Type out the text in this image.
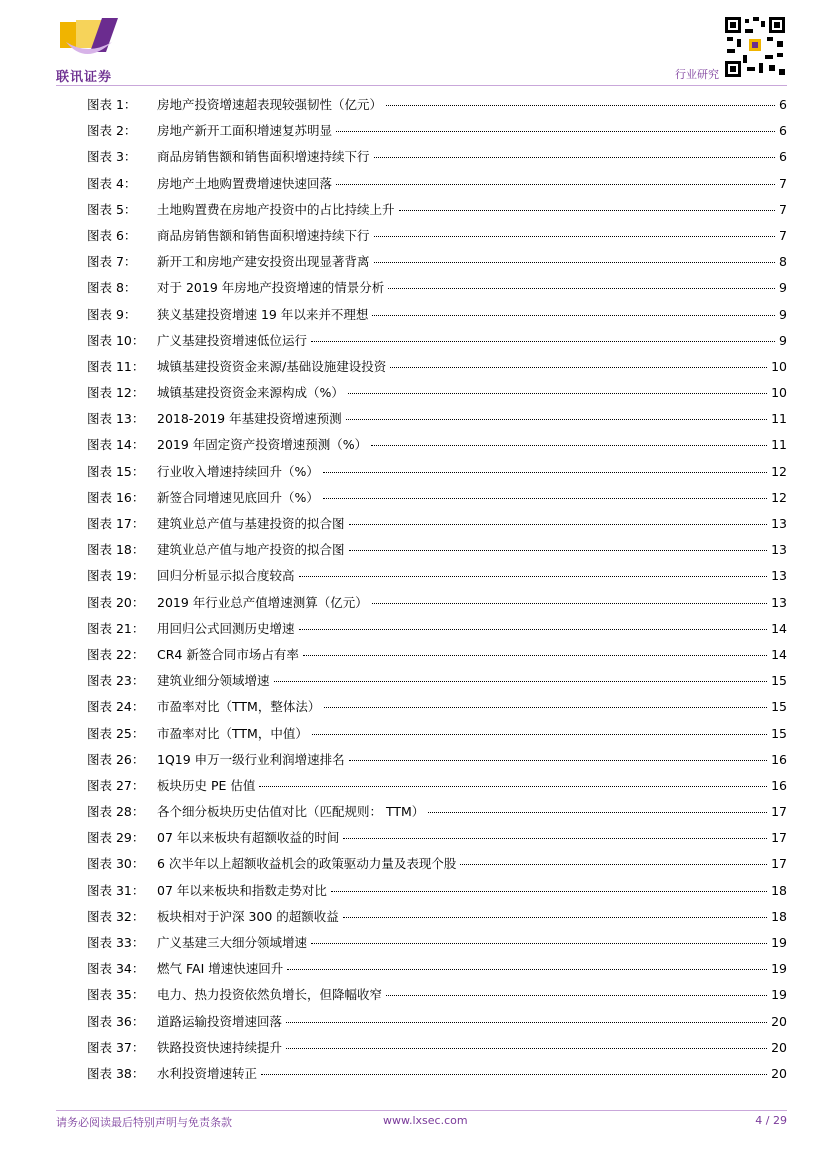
联讯证券	行业研究
图表 1：	房地产投资增速超表现较强韧性（亿元）	6
图表 2：	房地产新开工面积增速复苏明显	6
图表 3：	商品房销售额和销售面积增速持续下行	6
图表 4：	房地产土地购置费增速快速回落	7
图表 5：	土地购置费在房地产投资中的占比持续上升	7
图表 6：	商品房销售额和销售面积增速持续下行	7
图表 7：	新开工和房地产建安投资出现显著背离	8
图表 8：	对于 2019 年房地产投资增速的情景分析	9
图表 9：	狭义基建投资增速 19 年以来并不理想	9
图表 10：	广义基建投资增速低位运行	9
图表 11：	城镇基建投资资金来源/基础设施建设投资	10
图表 12：	城镇基建投资资金来源构成（%）	10
图表 13：	2018-2019 年基建投资增速预测	11
图表 14：	2019 年固定资产投资增速预测（%）	11
图表 15：	行业收入增速持续回升（%）	12
图表 16：	新签合同增速见底回升（%）	12
图表 17：	建筑业总产值与基建投资的拟合图	13
图表 18：	建筑业总产值与地产投资的拟合图	13
图表 19：	回归分析显示拟合度较高	13
图表 20：	2019 年行业总产值增速测算（亿元）	13
图表 21：	用回归公式回测历史增速	14
图表 22：	CR4 新签合同市场占有率	14
图表 23：	建筑业细分领域增速	15
图表 24：	市盈率对比（TTM，整体法）	15
图表 25：	市盈率对比（TTM，中值）	15
图表 26：	1Q19 申万一级行业利润增速排名	16
图表 27：	板块历史 PE 估值	16
图表 28：	各个细分板块历史估值对比（匹配规则： TTM）	17
图表 29：	07 年以来板块有超额收益的时间	17
图表 30：	6 次半年以上超额收益机会的政策驱动力量及表现个股	17
图表 31：	07 年以来板块和指数走势对比	18
图表 32：	板块相对于沪深 300 的超额收益	18
图表 33：	广义基建三大细分领域增速	19
图表 34：	燃气 FAI 增速快速回升	19
图表 35：	电力、热力投资依然负增长，但降幅收窄	19
图表 36：	道路运输投资增速回落	20
图表 37：	铁路投资快速持续提升	20
图表 38：	水利投资增速转正	20
请务必阅读最后特别声明与免责条款	www.lxsec.com	4 / 29
